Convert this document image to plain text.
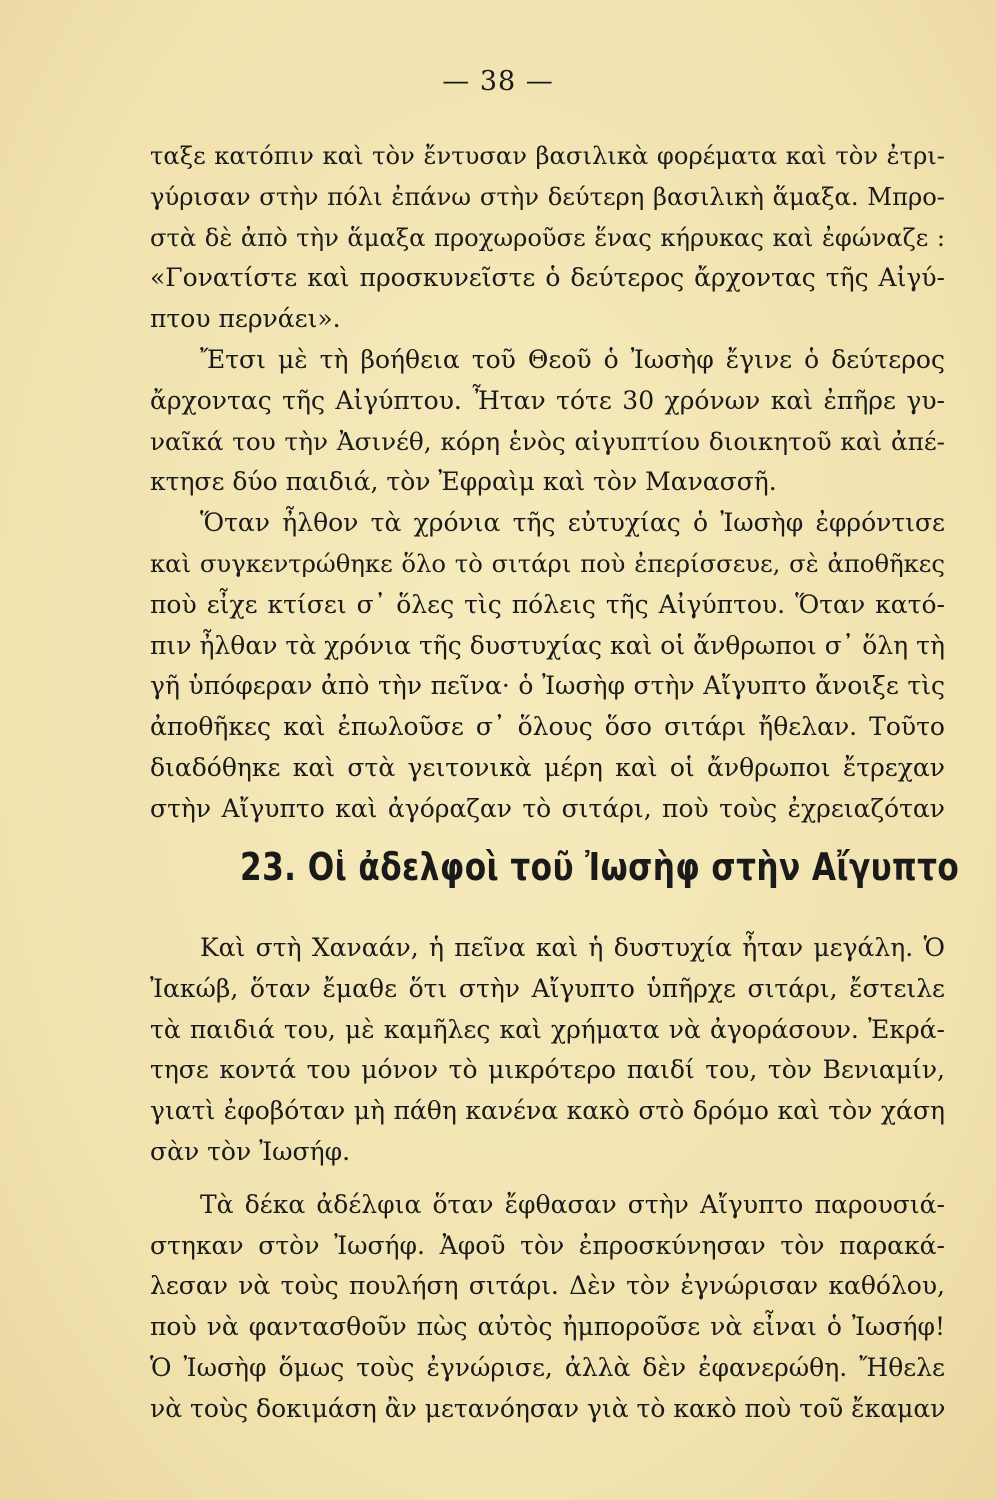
— 38 —
ταξε κατόπιν καὶ τὸν ἔντυσαν βασιλικὰ φορέματα καὶ τὸν ἐτρι-
γύρισαν στὴν πόλι ἐπάνω στὴν δεύτερη βασιλικὴ ἅμαξα. Μπρο-
στὰ δὲ ἀπὸ τὴν ἅμαξα προχωροῦσε ἕνας κήρυκας καὶ ἐφώναζε :
«Γονατίστε καὶ προσκυνεῖστε ὁ δεύτερος ἄρχοντας τῆς Αἰγύ-
πτου περνάει».
Ἔτσι μὲ τὴ βοήθεια τοῦ Θεοῦ ὁ Ἰωσὴφ ἔγινε ὁ δεύτερος
ἄρχοντας τῆς Αἰγύπτου. Ἦταν τότε 30 χρόνων καὶ ἐπῆρε γυ-
ναῖκά του τὴν Ἀσινέθ, κόρη ἑνὸς αἰγυπτίου διοικητοῦ καὶ ἀπέ-
κτησε δύο παιδιά, τὸν Ἐφραὶμ καὶ τὸν Μανασσῆ.
Ὅταν ἦλθον τὰ χρόνια τῆς εὐτυχίας ὁ Ἰωσὴφ ἐφρόντισε
καὶ συγκεντρώθηκε ὅλο τὸ σιτάρι ποὺ ἐπερίσσευε, σὲ ἀποθῆκες
ποὺ εἶχε κτίσει σ᾿ ὅλες τὶς πόλεις τῆς Αἰγύπτου. Ὅταν κατό-
πιν ἦλθαν τὰ χρόνια τῆς δυστυχίας καὶ οἱ ἄνθρωποι σ᾿ ὅλη τὴ
γῆ ὑπόφεραν ἀπὸ τὴν πεῖνα· ὁ Ἰωσὴφ στὴν Αἴγυπτο ἄνοιξε τὶς
ἀποθῆκες καὶ ἐπωλοῦσε σ᾿ ὅλους ὅσο σιτάρι ἤθελαν. Τοῦτο
διαδόθηκε καὶ στὰ γειτονικὰ μέρη καὶ οἱ ἄνθρωποι ἔτρεχαν
στὴν Αἴγυπτο καὶ ἀγόραζαν τὸ σιτάρι, ποὺ τοὺς ἐχρειαζόταν
23. Οἱ ἀδελφοὶ τοῦ Ἰωσὴφ στὴν Αἴγυπτο
Καὶ στὴ Χαναάν, ἡ πεῖνα καὶ ἡ δυστυχία ἦταν μεγάλη. Ὁ
Ἰακώβ, ὅταν ἔμαθε ὅτι στὴν Αἴγυπτο ὑπῆρχε σιτάρι, ἔστειλε
τὰ παιδιά του, μὲ καμῆλες καὶ χρήματα νὰ ἀγοράσουν. Ἐκρά-
τησε κοντά του μόνον τὸ μικρότερο παιδί του, τὸν Βενιαμίν,
γιατὶ ἐφοβόταν μὴ πάθη κανένα κακὸ στὸ δρόμο καὶ τὸν χάση
σὰν τὸν Ἰωσήφ.
Τὰ δέκα ἀδέλφια ὅταν ἔφθασαν στὴν Αἴγυπτο παρουσιά-
στηκαν στὸν Ἰωσήφ. Ἀφοῦ τὸν ἐπροσκύνησαν τὸν παρακά-
λεσαν νὰ τοὺς πουλήση σιτάρι. Δὲν τὸν ἐγνώρισαν καθόλου,
ποὺ νὰ φαντασθοῦν πὼς αὐτὸς ἠμποροῦσε νὰ εἶναι ὁ Ἰωσήφ!
Ὁ Ἰωσὴφ ὅμως τοὺς ἐγνώρισε, ἀλλὰ δὲν ἐφανερώθη. Ἤθελε
νὰ τοὺς δοκιμάση ἂν μετανόησαν γιὰ τὸ κακὸ ποὺ τοῦ ἔκαμαν
